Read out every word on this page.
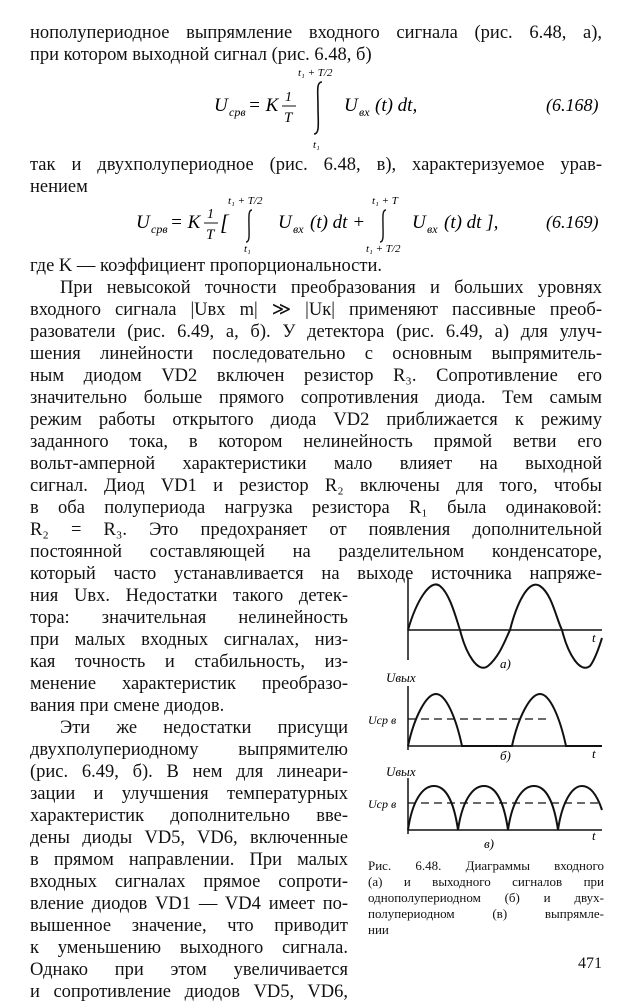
нополупериодное выпрямление входного сигнала (рис. 6.48, а),
при котором выходной сигнал (рис. 6.48, б)
U срв = K 1
T
t₁ + T/2
t₁
U вх (t) dt,	(6.168)
так и двухполупериодное (рис. 6.48, в), характеризуемое урав-
нением
U срв = K 1
T [
t₁ + T/2
t₁
U вх (t) dt +
t₁ + T
t₁ + T/2
U вх (t) dt ],	(6.169)
где K — коэффициент пропорциональности.
При невысокой точности преобразования и больших уровнях
входного сигнала |Uвх m| ≫ |Uк| применяют пассивные преоб-
разователи (рис. 6.49, а, б). У детектора (рис. 6.49, а) для улуч-
шения линейности последовательно с основным выпрямитель-
ным диодом VD2 включен резистор R₃. Сопротивление его
значительно больше прямого сопротивления диода. Тем самым
режим работы открытого диода VD2 приближается к режиму
заданного тока, в котором нелинейность прямой ветви его
вольт-амперной характеристики мало влияет на выходной
сигнал. Диод VD1 и резистор R₂ включены для того, чтобы
в оба полупериода нагрузка резистора R₁ была одинаковой:
R₂ = R₃. Это предохраняет от появления дополнительной
постоянной составляющей на разделительном конденсаторе,
который часто устанавливается на выходе источника напряже-
ния Uвх. Недостатки такого детек-
тора: значительная нелинейность
при малых входных сигналах, низ-
кая точность и стабильность, из-
менение характеристик преобразо-
вания при смене диодов.
Эти же недостатки присущи
двухполупериодному выпрямителю
(рис. 6.49, б). В нем для линеари-
зации и улучшения температурных
характеристик дополнительно вве-
дены диоды VD5, VD6, включенные
в прямом направлении. При малых
входных сигналах прямое сопроти-
вление диодов VD1 — VD4 имеет по-
вышенное значение, что приводит
к уменьшению выходного сигнала.
Однако при этом увеличивается
и сопротивление диодов VD5, VD6,
t
а)
Uвых
Uср в
t
б)
Uвых
Uср в
t
в)
Рис. 6.48. Диаграммы входного
(а) и выходного сигналов при
однополупериодном (б) и двух-
полупериодном (в) выпрямле-
нии
471
